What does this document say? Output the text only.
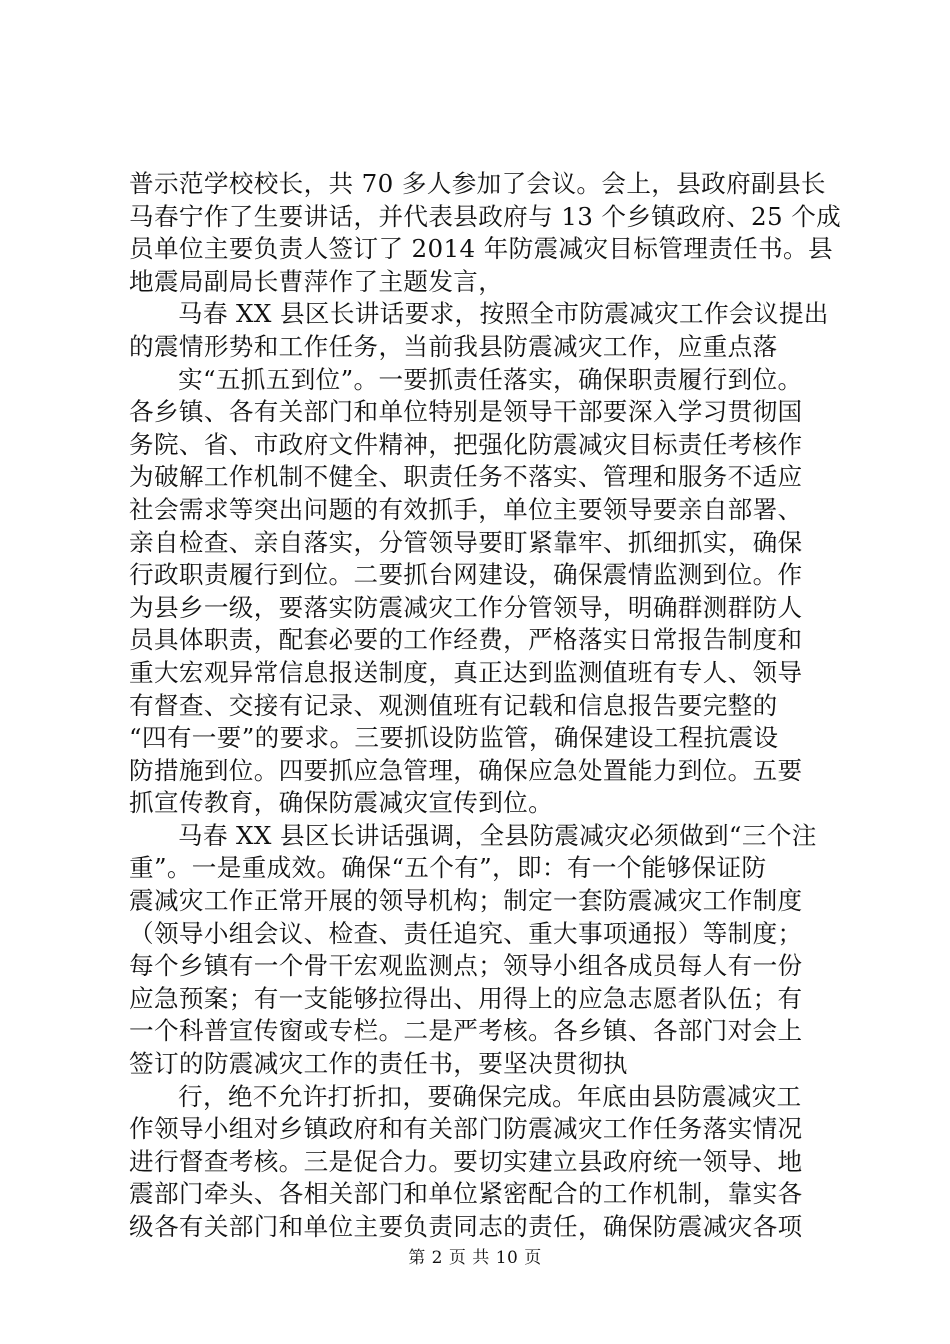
普示范学校校长，共 70 多人参加了会议。会上，县政府副县长
马春宁作了生要讲话，并代表县政府与 13 个乡镇政府、25 个成
员单位主要负责人签订了 2014 年防震减灾目标管理责任书。县
地震局副局长曹萍作了主题发言，
马春 XX 县区长讲话要求，按照全市防震减灾工作会议提出
的震情形势和工作任务，当前我县防震减灾工作，应重点落
实“五抓五到位”。一要抓责任落实，确保职责履行到位。
各乡镇、各有关部门和单位特别是领导干部要深入学习贯彻国
务院、省、市政府文件精神，把强化防震减灾目标责任考核作
为破解工作机制不健全、职责任务不落实、管理和服务不适应
社会需求等突出问题的有效抓手，单位主要领导要亲自部署、
亲自检查、亲自落实，分管领导要盯紧靠牢、抓细抓实，确保
行政职责履行到位。二要抓台网建设，确保震情监测到位。作
为县乡一级，要落实防震减灾工作分管领导，明确群测群防人
员具体职责，配套必要的工作经费，严格落实日常报告制度和
重大宏观异常信息报送制度，真正达到监测值班有专人、领导
有督查、交接有记录、观测值班有记载和信息报告要完整的
“四有一要”的要求。三要抓设防监管，确保建设工程抗震设
防措施到位。四要抓应急管理，确保应急处置能力到位。五要
抓宣传教育，确保防震减灾宣传到位。
马春 XX 县区长讲话强调，全县防震减灾必须做到“三个注
重”。一是重成效。确保“五个有”，即：有一个能够保证防
震减灾工作正常开展的领导机构；制定一套防震减灾工作制度
（领导小组会议、检查、责任追究、重大事项通报）等制度；
每个乡镇有一个骨干宏观监测点；领导小组各成员每人有一份
应急预案；有一支能够拉得出、用得上的应急志愿者队伍；有
一个科普宣传窗或专栏。二是严考核。各乡镇、各部门对会上
签订的防震减灾工作的责任书，要坚决贯彻执
行，绝不允许打折扣，要确保完成。年底由县防震减灾工
作领导小组对乡镇政府和有关部门防震减灾工作任务落实情况
进行督查考核。三是促合力。要切实建立县政府统一领导、地
震部门牵头、各相关部门和单位紧密配合的工作机制，靠实各
级各有关部门和单位主要负责同志的责任，确保防震减灾各项
第 2 页 共 10 页
